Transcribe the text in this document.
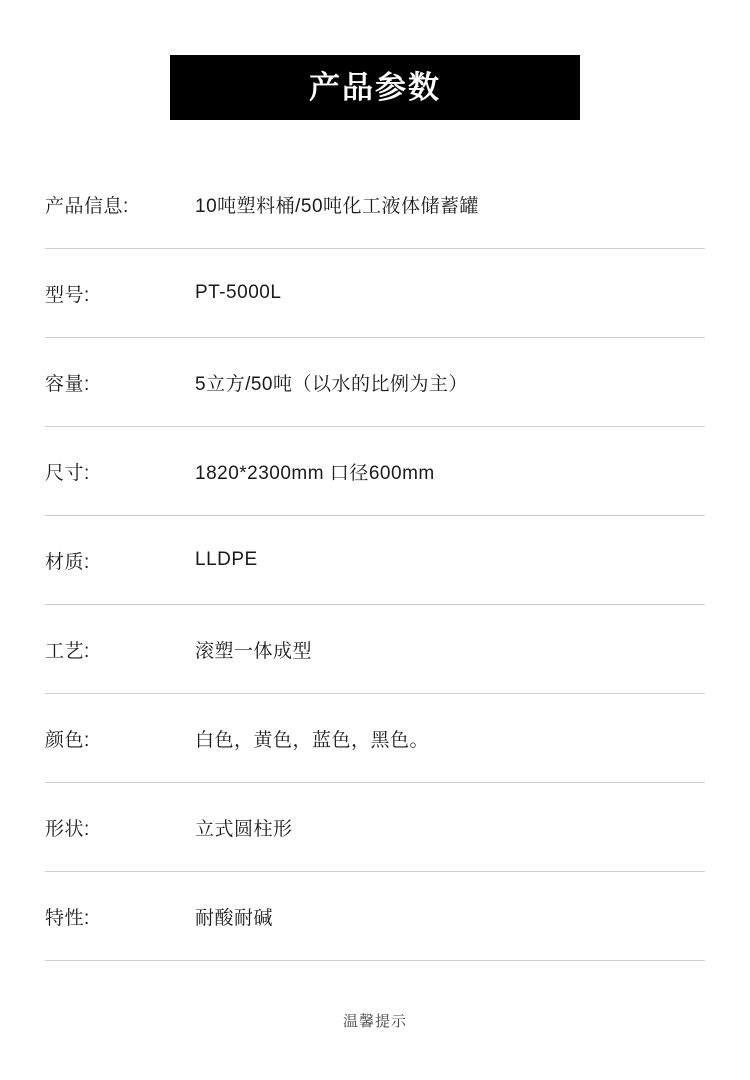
产品参数
产品信息:	10吨塑料桶/50吨化工液体储蓄罐
型号:	PT-5000L
容量:	5立方/50吨（以水的比例为主）
尺寸:	1820*2300mm 口径600mm
材质:	LLDPE
工艺:	滚塑一体成型
颜色:	白色，黄色，蓝色，黑色。
形状:	立式圆柱形
特性:	耐酸耐碱
温馨提示
